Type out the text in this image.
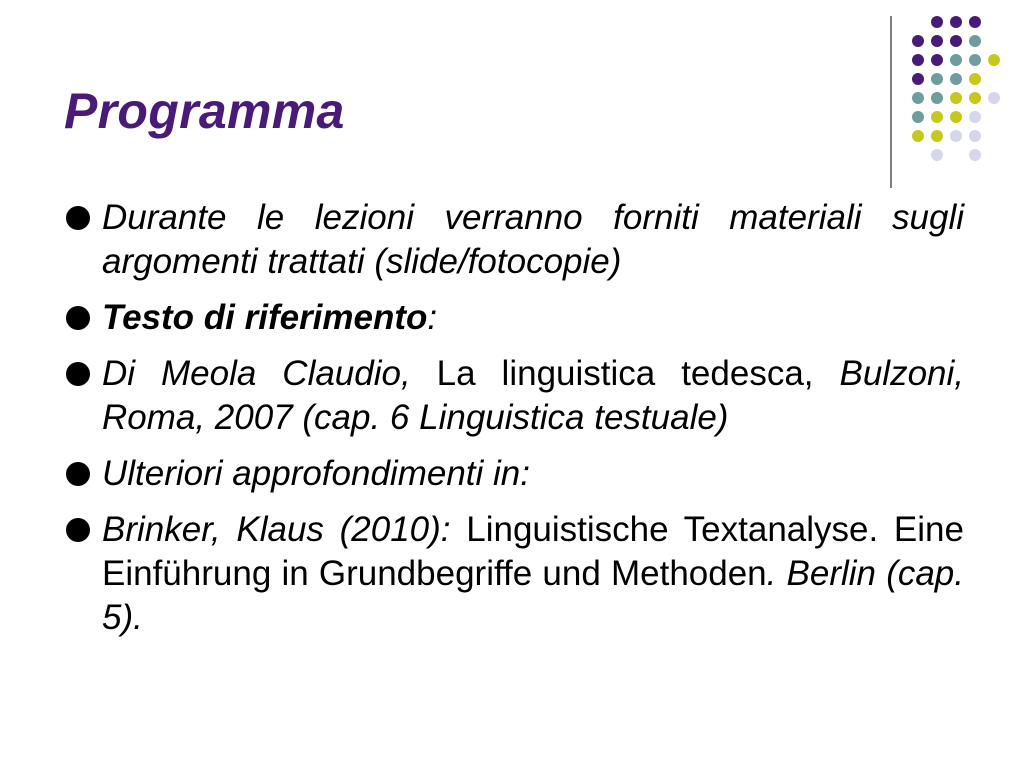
Programma
Durante le lezioni verranno forniti materiali sugli argomenti trattati (slide/fotocopie)
Testo di riferimento:
Di Meola Claudio, La linguistica tedesca, Bulzoni, Roma, 2007 (cap. 6 Linguistica testuale)
Ulteriori approfondimenti in:
Brinker, Klaus (2010): Linguistische Textanalyse. Eine Einführung in Grundbegriffe und Methoden. Berlin (cap. 5).
